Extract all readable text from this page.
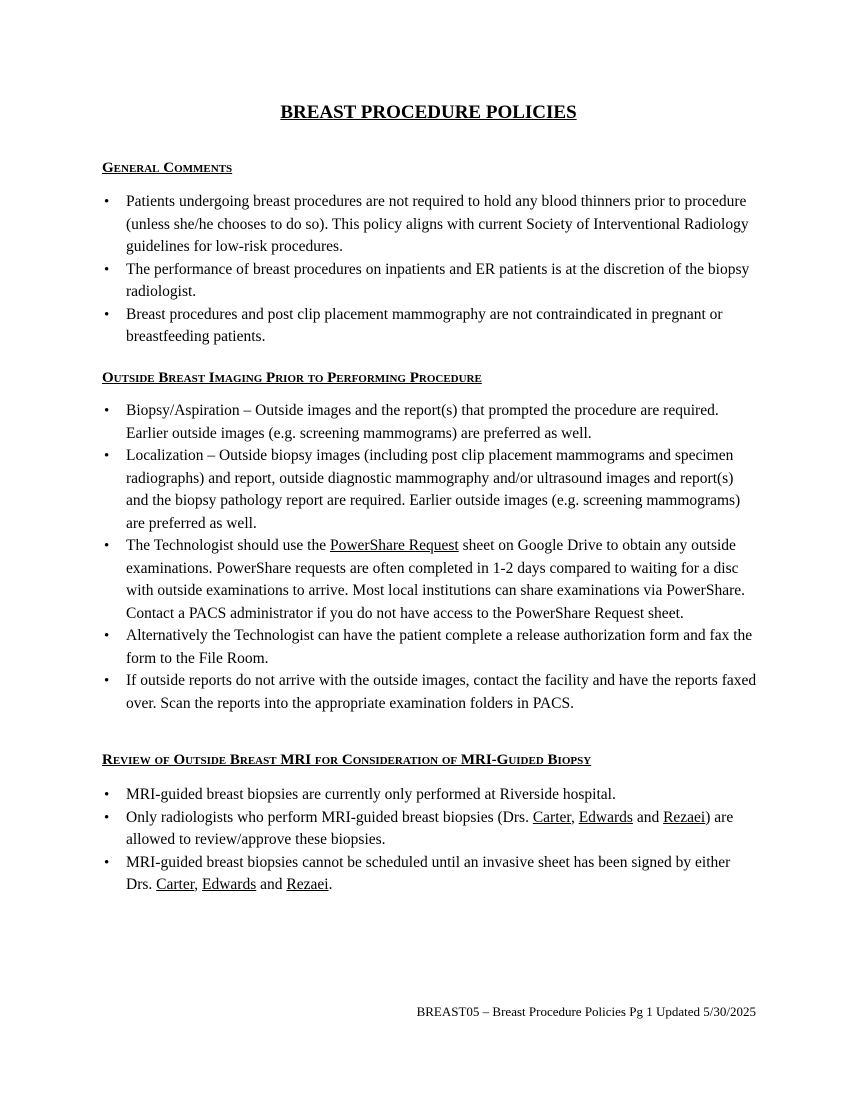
BREAST PROCEDURE POLICIES
General Comments
• Patients undergoing breast procedures are not required to hold any blood thinners prior to procedure (unless she/he chooses to do so). This policy aligns with current Society of Interventional Radiology guidelines for low-risk procedures.
• The performance of breast procedures on inpatients and ER patients is at the discretion of the biopsy radiologist.
• Breast procedures and post clip placement mammography are not contraindicated in pregnant or breastfeeding patients.
Outside Breast Imaging Prior to Performing Procedure
• Biopsy/Aspiration – Outside images and the report(s) that prompted the procedure are required. Earlier outside images (e.g. screening mammograms) are preferred as well.
• Localization – Outside biopsy images (including post clip placement mammograms and specimen radiographs) and report, outside diagnostic mammography and/or ultrasound images and report(s) and the biopsy pathology report are required. Earlier outside images (e.g. screening mammograms) are preferred as well.
• The Technologist should use the PowerShare Request sheet on Google Drive to obtain any outside examinations. PowerShare requests are often completed in 1-2 days compared to waiting for a disc with outside examinations to arrive. Most local institutions can share examinations via PowerShare. Contact a PACS administrator if you do not have access to the PowerShare Request sheet.
• Alternatively the Technologist can have the patient complete a release authorization form and fax the form to the File Room.
• If outside reports do not arrive with the outside images, contact the facility and have the reports faxed over. Scan the reports into the appropriate examination folders in PACS.
Review of Outside Breast MRI for Consideration of MRI-Guided Biopsy
• MRI-guided breast biopsies are currently only performed at Riverside hospital.
• Only radiologists who perform MRI-guided breast biopsies (Drs. Carter, Edwards and Rezaei) are allowed to review/approve these biopsies.
• MRI-guided breast biopsies cannot be scheduled until an invasive sheet has been signed by either Drs. Carter, Edwards and Rezaei.
BREAST05 – Breast Procedure Policies Pg 1 Updated 5/30/2025
